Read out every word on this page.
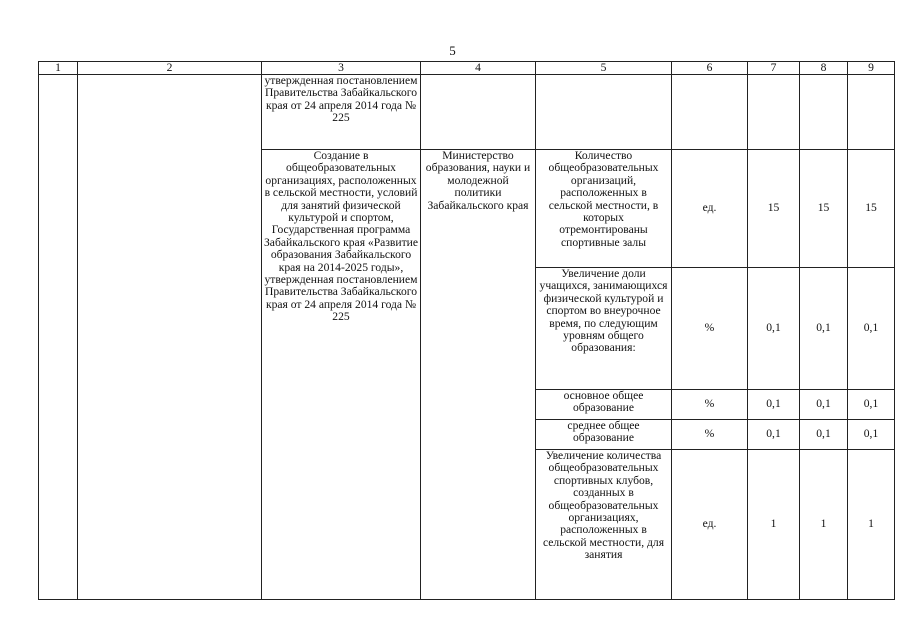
5
1	2	3	4	5	6	7	8	9
		утвержденная постановлением Правительства Забайкальского края от 24 апреля 2014 года № 225						
		Создание в общеобразовательных организациях, расположенных в сельской местности, условий для занятий физической культурой и спортом, Государственная программа Забайкальского края «Развитие образования Забайкальского края на 2014-2025 годы», утвержденная постановлением Правительства Забайкальского края от 24 апреля 2014 года № 225	Министерство образования, науки и молодежной политики Забайкальского края	Количество общеобразовательных организаций, расположенных в сельской местности, в которых отремонтированы спортивные залы	ед.	15	15	15
				Увеличение доли учащихся, занимающихся физической культурой и спортом во внеурочное время, по следующим уровням общего образования:	%	0,1	0,1	0,1
				основное общее образование	%	0,1	0,1	0,1
				среднее общее образование	%	0,1	0,1	0,1
				Увеличение количества общеобразовательных спортивных клубов, созданных в общеобразовательных организациях, расположенных в сельской местности, для занятия	ед.	1	1	1
